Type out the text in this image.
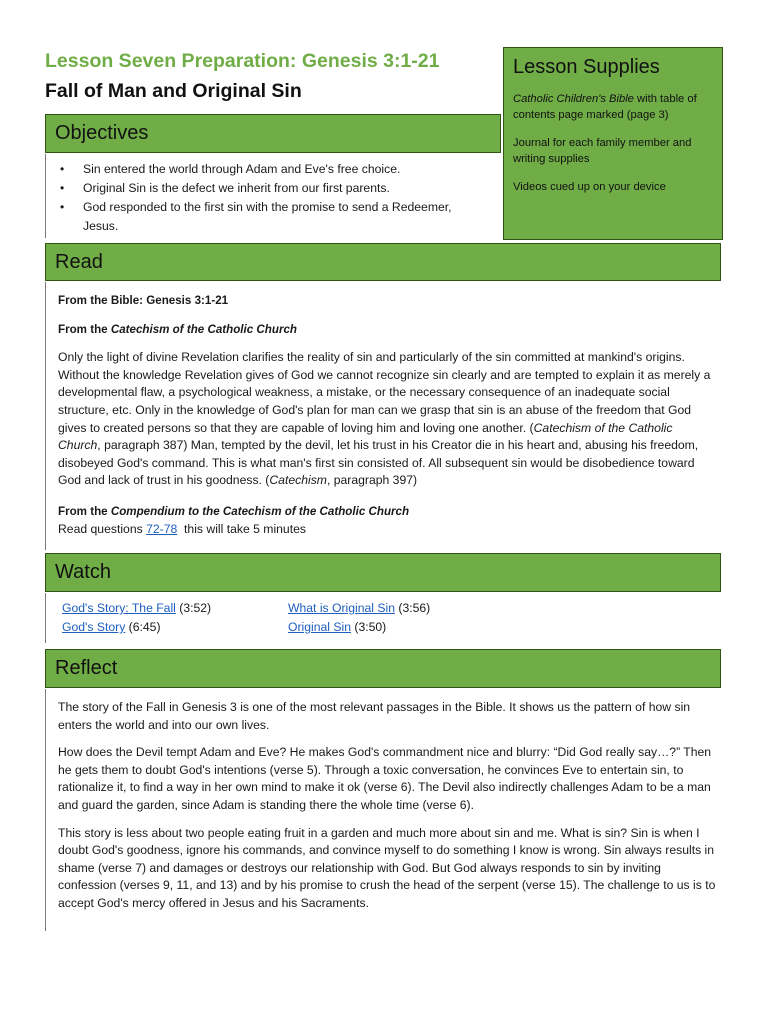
Lesson Seven Preparation: Genesis 3:1-21
Fall of Man and Original Sin
Lesson Supplies

Catholic Children's Bible with table of contents page marked (page 3)

Journal for each family member and writing supplies

Videos cued up on your device

Objectives
• Sin entered the world through Adam and Eve's free choice.
• Original Sin is the defect we inherit from our first parents.
• God responded to the first sin with the promise to send a Redeemer, Jesus.
Read

From the Bible: Genesis 3:1-21

From the Catechism of the Catholic Church

Only the light of divine Revelation clarifies the reality of sin and particularly of the sin committed at mankind's origins. Without the knowledge Revelation gives of God we cannot recognize sin clearly and are tempted to explain it as merely a developmental flaw, a psychological weakness, a mistake, or the necessary consequence of an inadequate social structure, etc. Only in the knowledge of God's plan for man can we grasp that sin is an abuse of the freedom that God gives to created persons so that they are capable of loving him and loving one another. (Catechism of the Catholic Church, paragraph 387) Man, tempted by the devil, let his trust in his Creator die in his heart and, abusing his freedom, disobeyed God's command. This is what man's first sin consisted of. All subsequent sin would be disobedience toward God and lack of trust in his goodness. (Catechism, paragraph 397)

From the Compendium to the Catechism of the Catholic Church

Read questions 72-78  this will take 5 minutes

Watch
God's Story: The Fall (3:52)
God's Story (6:45)
What is Original Sin (3:56)
Original Sin (3:50)
Reflect

The story of the Fall in Genesis 3 is one of the most relevant passages in the Bible. It shows us the pattern of how sin enters the world and into our own lives.

How does the Devil tempt Adam and Eve? He makes God's commandment nice and blurry: “Did God really say…?” Then he gets them to doubt God's intentions (verse 5). Through a toxic conversation, he convinces Eve to entertain sin, to rationalize it, to find a way in her own mind to make it ok (verse 6). The Devil also indirectly challenges Adam to be a man and guard the garden, since Adam is standing there the whole time (verse 6).

This story is less about two people eating fruit in a garden and much more about sin and me. What is sin? Sin is when I doubt God's goodness, ignore his commands, and convince myself to do something I know is wrong. Sin always results in shame (verse 7) and damages or destroys our relationship with God. But God always responds to sin by inviting confession (verses 9, 11, and 13) and by his promise to crush the head of the serpent (verse 15). The challenge to us is to accept God's mercy offered in Jesus and his Sacraments.
